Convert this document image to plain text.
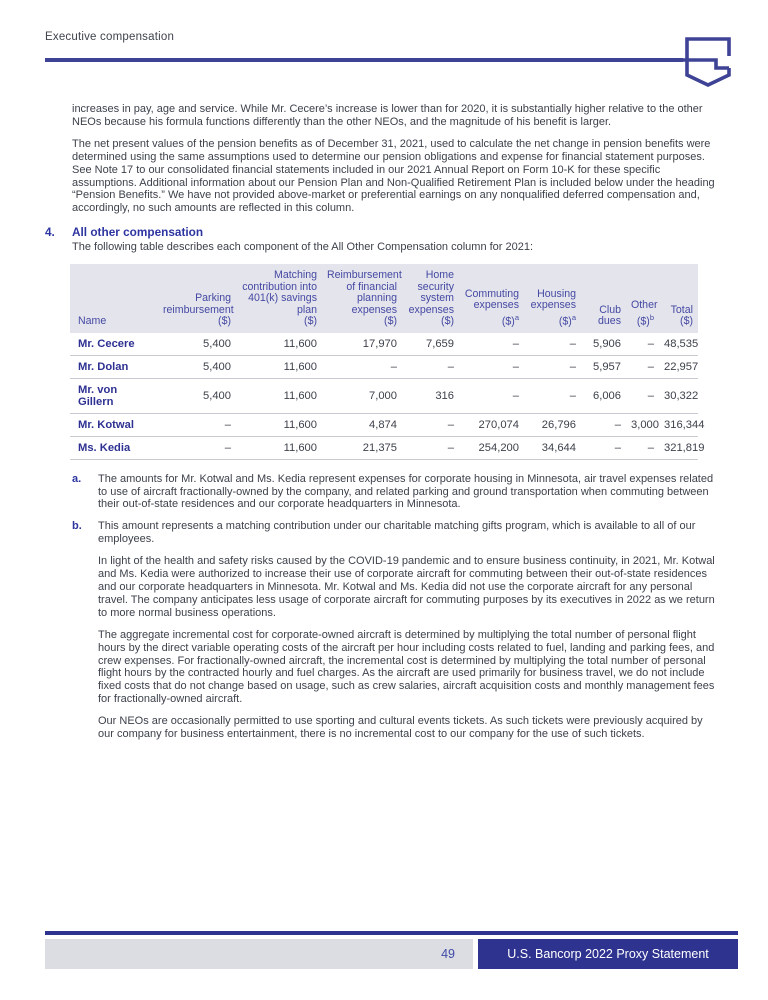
Executive compensation

increases in pay, age and service. While Mr. Cecere’s increase is lower than for 2020, it is substantially higher relative to the other NEOs because his formula functions differently than the other NEOs, and the magnitude of his benefit is larger.

The net present values of the pension benefits as of December 31, 2021, used to calculate the net change in pension benefits were determined using the same assumptions used to determine our pension obligations and expense for financial statement purposes. See Note 17 to our consolidated financial statements included in our 2021 Annual Report on Form 10-K for these specific assumptions. Additional information about our Pension Plan and Non-Qualified Retirement Plan is included below under the heading “Pension Benefits.” We have not provided above-market or preferential earnings on any nonqualified deferred compensation and, accordingly, no such amounts are reflected in this column.

4.	All other compensation

The following table describes each component of the All Other Compensation column for 2021:

Name

Parking
reimbursement
($)

Matching
contribution into
401(k) savings
plan
($)

Reimbursement
of financial
planning
expenses
($)

Home
security
system
expenses
($)

Commuting
expenses
($)$^a$

Housing
expenses
($)$^a$

Club
dues

Other
($)$^b$

Total
($)

Mr. Cecere	5,400	11,600	17,970	7,659	–	–	5,906	–	48,535
Mr. Dolan	5,400	11,600	–	–	–	–	5,957	–	22,957
Mr. von Gillern	5,400	11,600	7,000	316	–	–	6,006	–	30,322
Mr. Kotwal	–	11,600	4,874	–	270,074	26,796	–	3,000	316,344
Ms. Kedia	–	11,600	21,375	–	254,200	34,644	–	–	321,819
a.	The amounts for Mr. Kotwal and Ms. Kedia represent expenses for corporate housing in Minnesota, air travel expenses related to use of aircraft fractionally-owned by the company, and related parking and ground transportation when commuting between their out-of-state residences and our corporate headquarters in Minnesota.

b.	This amount represents a matching contribution under our charitable matching gifts program, which is available to all of our employees.

In light of the health and safety risks caused by the COVID-19 pandemic and to ensure business continuity, in 2021, Mr. Kotwal and Ms. Kedia were authorized to increase their use of corporate aircraft for commuting between their out-of-state residences and our corporate headquarters in Minnesota. Mr. Kotwal and Ms. Kedia did not use the corporate aircraft for any personal travel. The company anticipates less usage of corporate aircraft for commuting purposes by its executives in 2022 as we return to more normal business operations.

The aggregate incremental cost for corporate-owned aircraft is determined by multiplying the total number of personal flight hours by the direct variable operating costs of the aircraft per hour including costs related to fuel, landing and parking fees, and crew expenses. For fractionally-owned aircraft, the incremental cost is determined by multiplying the total number of personal flight hours by the contracted hourly and fuel charges. As the aircraft are used primarily for business travel, we do not include fixed costs that do not change based on usage, such as crew salaries, aircraft acquisition costs and monthly management fees for fractionally-owned aircraft.

Our NEOs are occasionally permitted to use sporting and cultural events tickets. As such tickets were previously acquired by our company for business entertainment, there is no incremental cost to our company for the use of such tickets.

49	U.S. Bancorp 2022 Proxy Statement
